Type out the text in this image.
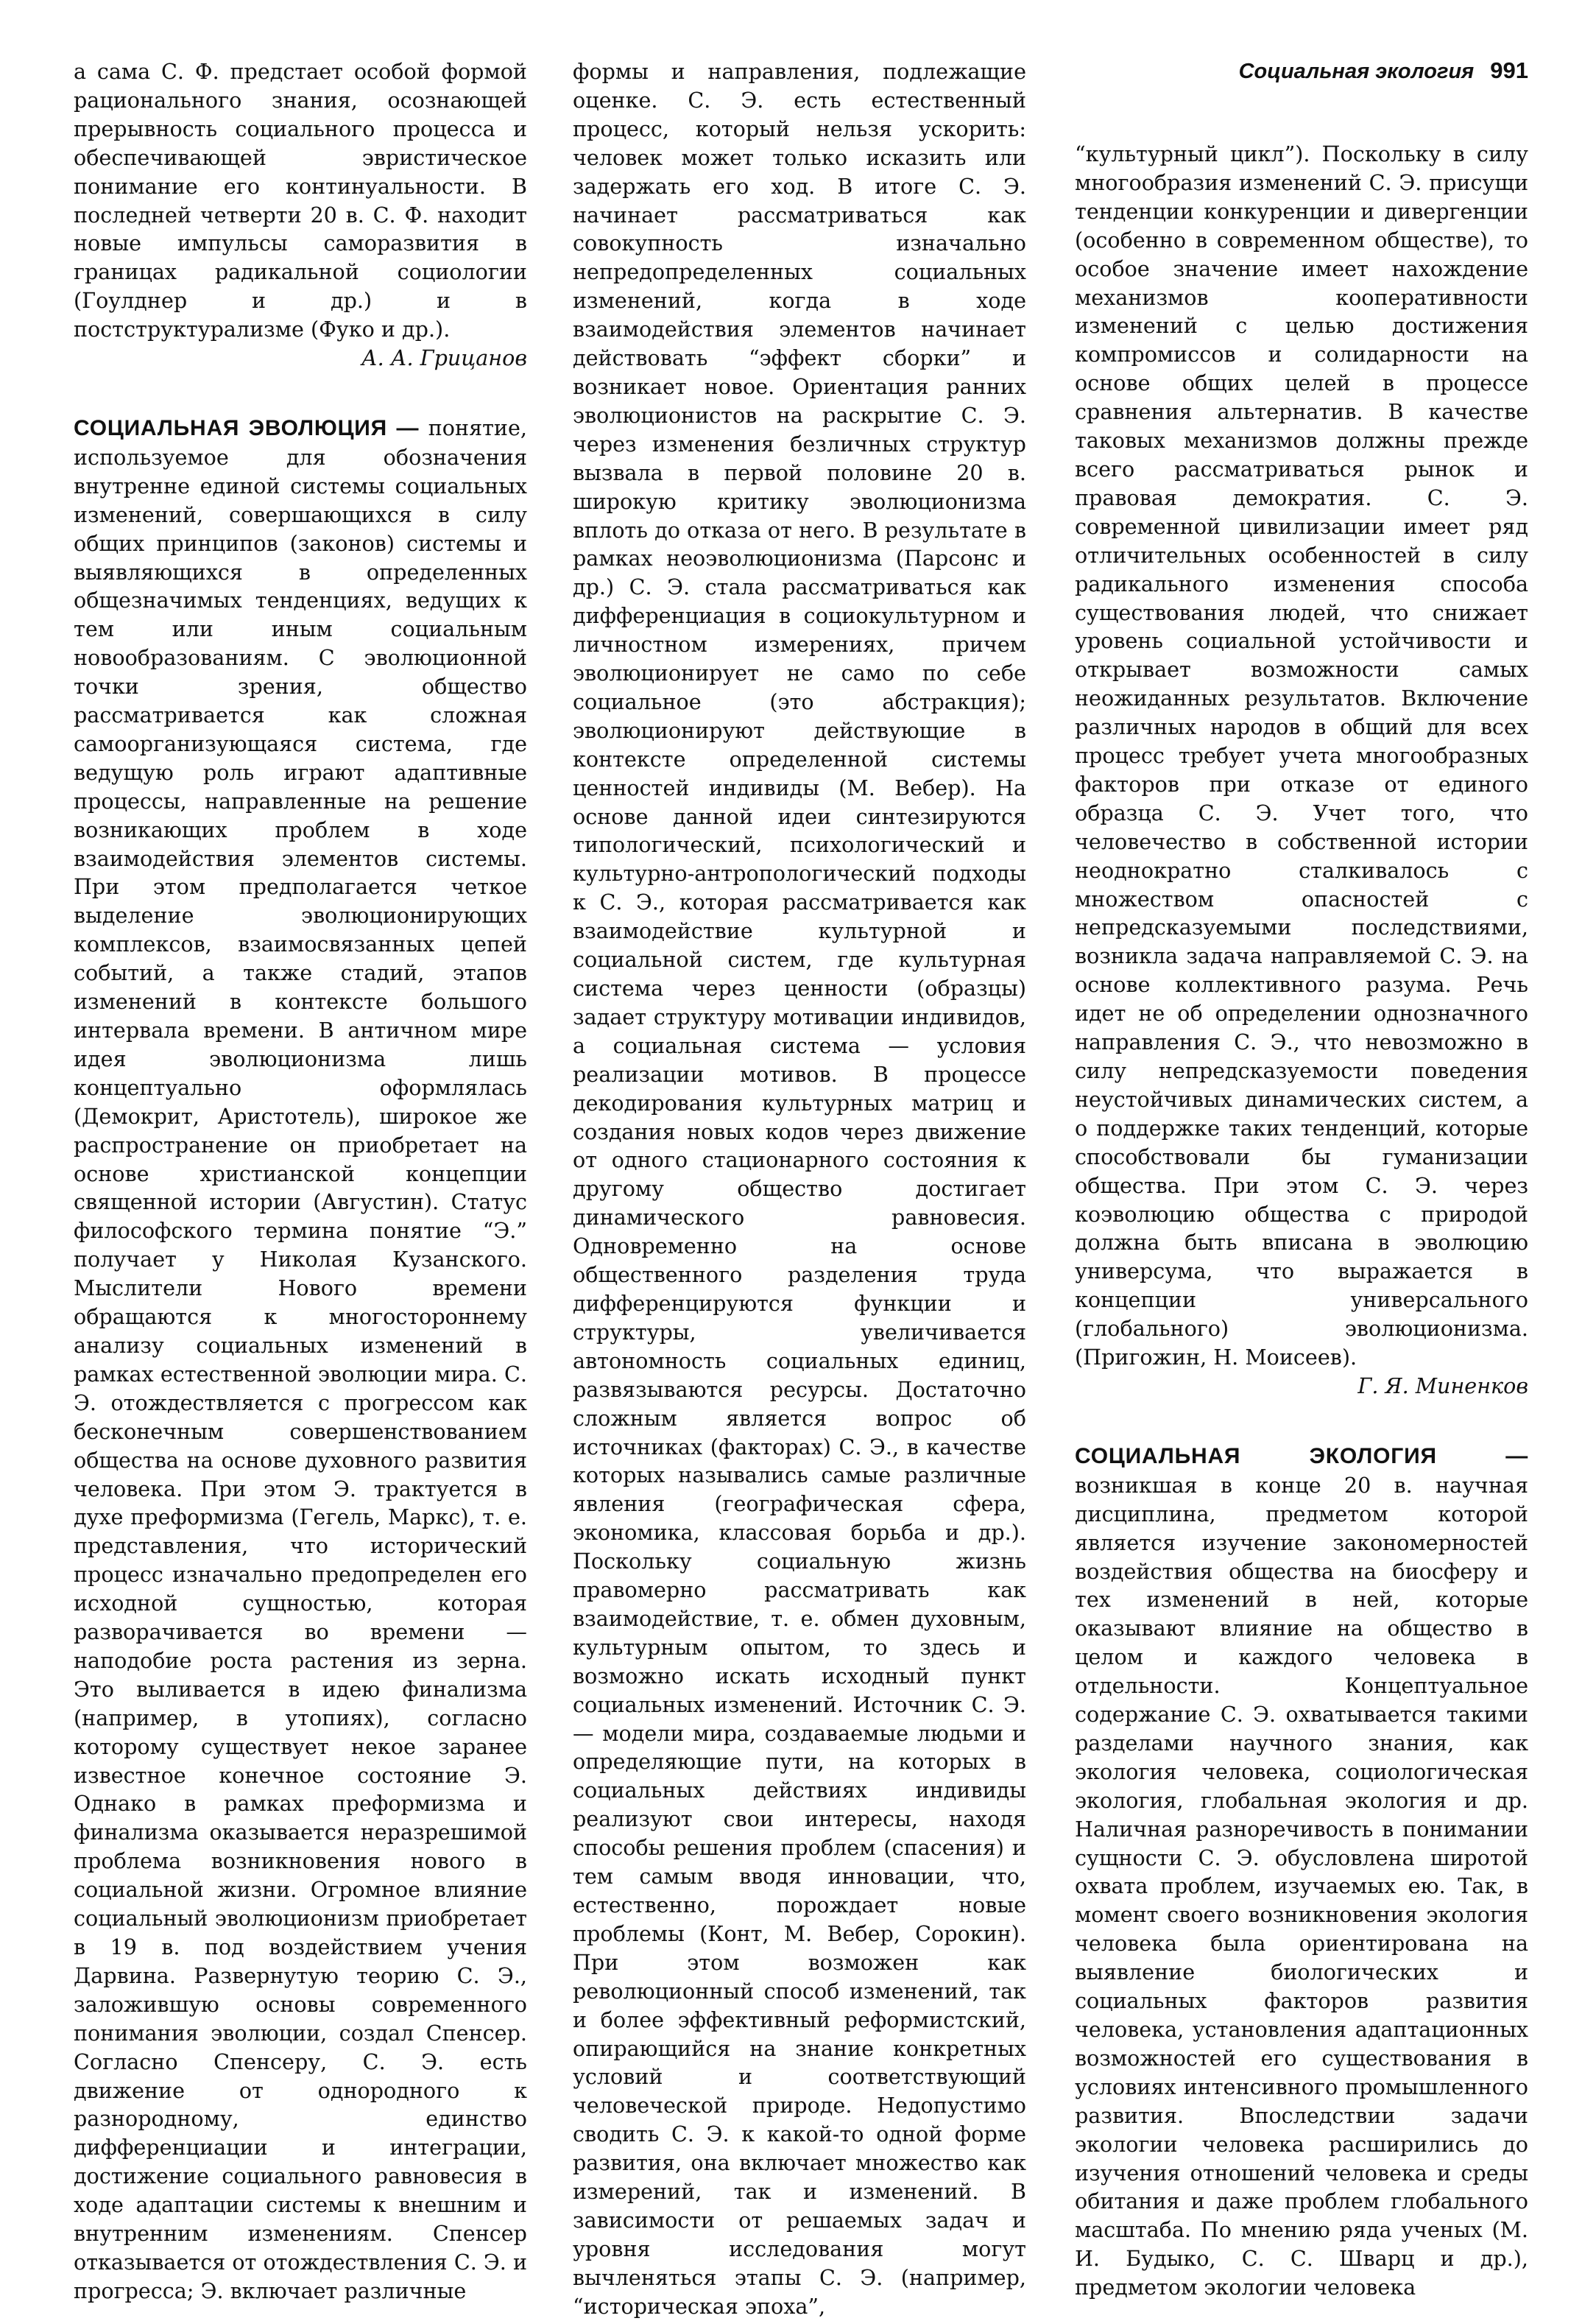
Социальная экология 991

а сама С. Ф. предстает особой формой рационального знания, осознающей прерывность социального процесса и обеспечивающей эвристическое понимание его континуальности. В последней четверти 20 в. С. Ф. находит новые импульсы саморазвития в границах радикальной социологии (Гоулднер и др.) и в постструктурализме (Фуко и др.).

А. А. Грицанов

СОЦИАЛЬНАЯ ЭВОЛЮЦИЯ — понятие, используемое для обозначения внутренне единой системы социальных изменений, совершающихся в силу общих принципов (законов) системы и выявляющихся в определенных общезначимых тенденциях, ведущих к тем или иным социальным новообразованиям. С эволюционной точки зрения, общество рассматривается как сложная самоорганизующаяся система, где ведущую роль играют адаптивные процессы, направленные на решение возникающих проблем в ходе взаимодействия элементов системы. При этом предполагается четкое выделение эволюционирующих комплексов, взаимосвязанных цепей событий, а также стадий, этапов изменений в контексте большого интервала времени. В античном мире идея эволюционизма лишь концептуально оформлялась (Демокрит, Аристотель), широкое же распространение он приобретает на основе христианской концепции священной истории (Августин). Статус философского термина понятие “Э.” получает у Николая Кузанского. Мыслители Нового времени обращаются к многостороннему анализу социальных изменений в рамках естественной эволюции мира. С. Э. отождествляется с прогрессом как бесконечным совершенствованием общества на основе духовного развития человека. При этом Э. трактуется в духе преформизма (Гегель, Маркс), т. е. представления, что исторический процесс изначально предопределен его исходной сущностью, которая разворачивается во времени — наподобие роста растения из зерна. Это выливается в идею финализма (например, в утопиях), согласно которому существует некое заранее известное конечное состояние Э. Однако в рамках преформизма и финализма оказывается неразрешимой проблема возникновения нового в социальной жизни. Огромное влияние социальный эволюционизм приобретает в 19 в. под воздействием учения Дарвина. Развернутую теорию С. Э., заложившую основы современного понимания эволюции, создал Спенсер. Согласно Спенсеру, С. Э. есть движение от однородного к разнородному, единство дифференциации и интеграции, достижение социального равновесия в ходе адаптации системы к внешним и внутренним изменениям. Спенсер отказывается от отождествления С. Э. и прогресса; Э. включает различные

формы и направления, подлежащие оценке. С. Э. есть естественный процесс, который нельзя ускорить: человек может только исказить или задержать его ход. В итоге С. Э. начинает рассматриваться как совокупность изначально непредопределенных социальных изменений, когда в ходе взаимодействия элементов начинает действовать “эффект сборки” и возникает новое. Ориентация ранних эволюционистов на раскрытие С. Э. через изменения безличных структур вызвала в первой половине 20 в. широкую критику эволюционизма вплоть до отказа от него. В результате в рамках неоэволюционизма (Парсонс и др.) С. Э. стала рассматриваться как дифференциация в социокультурном и личностном измерениях, причем эволюционирует не само по себе социальное (это абстракция); эволюционируют действующие в контексте определенной системы ценностей индивиды (М. Вебер). На основе данной идеи синтезируются типологический, психологический и культурно-антропологический подходы к С. Э., которая рассматривается как взаимодействие культурной и социальной систем, где культурная система через ценности (образцы) задает структуру мотивации индивидов, а социальная система — условия реализации мотивов. В процессе декодирования культурных матриц и создания новых кодов через движение от одного стационарного состояния к другому общество достигает динамического равновесия. Одновременно на основе общественного разделения труда дифференцируются функции и структуры, увеличивается автономность социальных единиц, развязываются ресурсы. Достаточно сложным является вопрос об источниках (факторах) С. Э., в качестве которых назывались самые различные явления (географическая сфера, экономика, классовая борьба и др.). Поскольку социальную жизнь правомерно рассматривать как взаимодействие, т. е. обмен духовным, культурным опытом, то здесь и возможно искать исходный пункт социальных изменений. Источник С. Э. — модели мира, создаваемые людьми и определяющие пути, на которых в социальных действиях индивиды реализуют свои интересы, находя способы решения проблем (спасения) и тем самым вводя инновации, что, естественно, порождает новые проблемы (Конт, М. Вебер, Сорокин). При этом возможен как революционный способ изменений, так и более эффективный реформистский, опирающийся на знание конкретных условий и соответствующий человеческой природе. Недопустимо сводить С. Э. к какой-то одной форме развития, она включает множество как измерений, так и изменений. В зависимости от решаемых задач и уровня исследования могут вычленяться этапы С. Э. (например, “историческая эпоха”,

“культурный цикл”). Поскольку в силу многообразия изменений С. Э. присущи тенденции конкуренции и дивергенции (особенно в современном обществе), то особое значение имеет нахождение механизмов кооперативности изменений с целью достижения компромиссов и солидарности на основе общих целей в процессе сравнения альтернатив. В качестве таковых механизмов должны прежде всего рассматриваться рынок и правовая демократия. С. Э. современной цивилизации имеет ряд отличительных особенностей в силу радикального изменения способа существования людей, что снижает уровень социальной устойчивости и открывает возможности самых неожиданных результатов. Включение различных народов в общий для всех процесс требует учета многообразных факторов при отказе от единого образца С. Э. Учет того, что человечество в собственной истории неоднократно сталкивалось с множеством опасностей с непредсказуемыми последствиями, возникла задача направляемой С. Э. на основе коллективного разума. Речь идет не об определении однозначного направления С. Э., что невозможно в силу непредсказуемости поведения неустойчивых динамических систем, а о поддержке таких тенденций, которые способствовали бы гуманизации общества. При этом С. Э. через коэволюцию общества с природой должна быть вписана в эволюцию универсума, что выражается в концепции универсального (глобального) эволюционизма. (Пригожин, Н. Моисеев).

Г. Я. Миненков

СОЦИАЛЬНАЯ ЭКОЛОГИЯ — возникшая в конце 20 в. научная дисциплина, предметом которой является изучение закономерностей воздействия общества на биосферу и тех изменений в ней, которые оказывают влияние на общество в целом и каждого человека в отдельности. Концептуальное содержание С. Э. охватывается такими разделами научного знания, как экология человека, социологическая экология, глобальная экология и др. Наличная разноречивость в понимании сущности С. Э. обусловлена широтой охвата проблем, изучаемых ею. Так, в момент своего возникновения экология человека была ориентирована на выявление биологических и социальных факторов развития человека, установления адаптационных возможностей его существования в условиях интенсивного промышленного развития. Впоследствии задачи экологии человека расширились до изучения отношений человека и среды обитания и даже проблем глобального масштаба. По мнению ряда ученых (М. И. Будыко, С. С. Шварц и др.), предметом экологии человека
